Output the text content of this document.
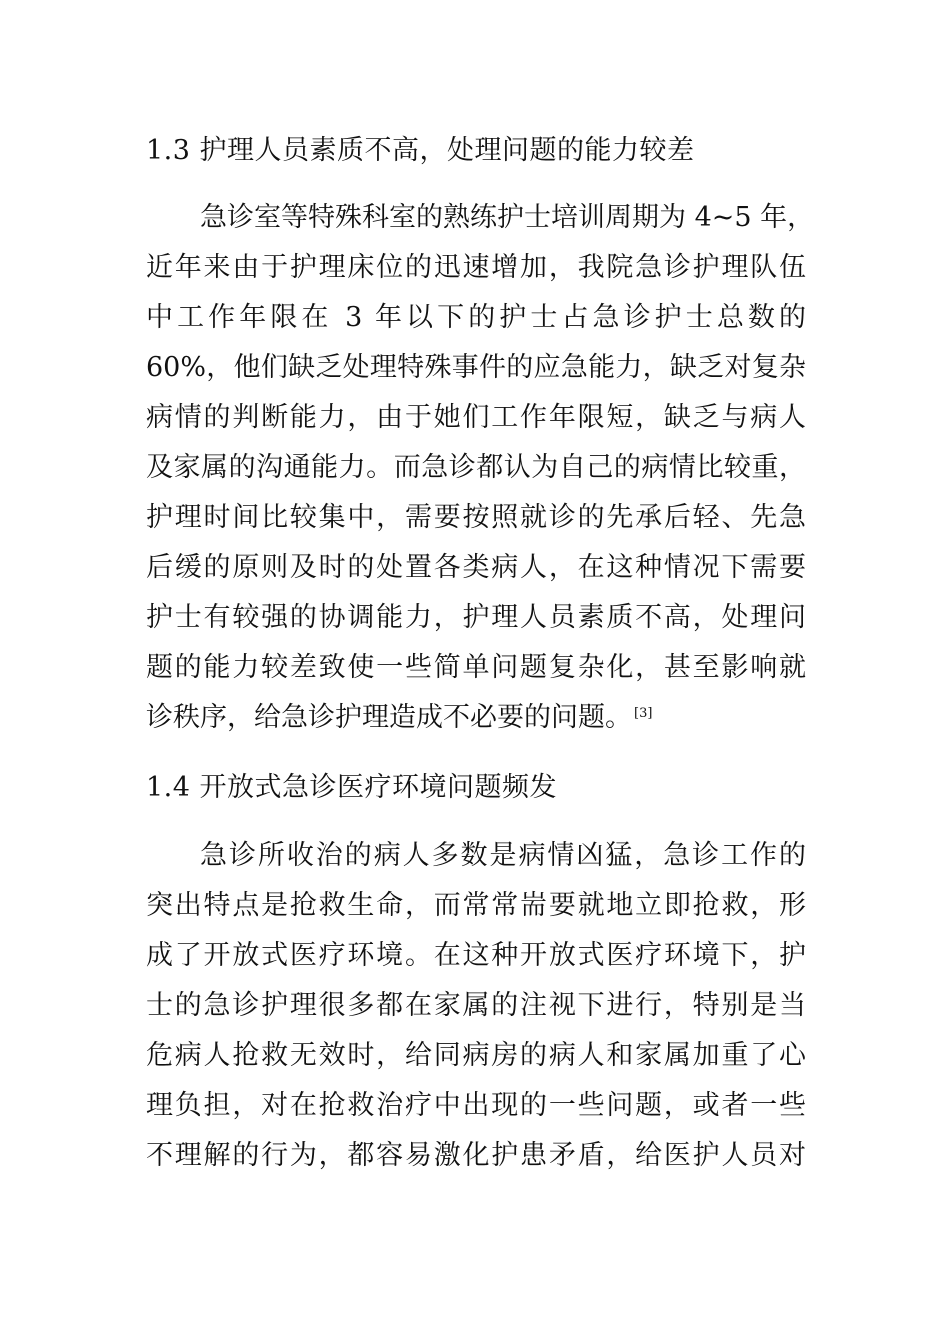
1.3 护理人员素质不高，处理问题的能力较差
急诊室等特殊科室的熟练护士培训周期为 4~5 年，
近年来由于护理床位的迅速增加，我院急诊护理队伍
中工作年限在 3 年以下的护士占急诊护士总数的
60%，他们缺乏处理特殊事件的应急能力，缺乏对复杂
病情的判断能力，由于她们工作年限短，缺乏与病人
及家属的沟通能力。而急诊都认为自己的病情比较重，
护理时间比较集中，需要按照就诊的先承后轻、先急
后缓的原则及时的处置各类病人，在这种情况下需要
护士有较强的协调能力，护理人员素质不高，处理问
题的能力较差致使一些简单问题复杂化，甚至影响就
诊秩序，给急诊护理造成不必要的问题。 [3]
1.4 开放式急诊医疗环境问题频发
急诊所收治的病人多数是病情凶猛，急诊工作的
突出特点是抢救生命，而常常耑要就地立即抢救，形
成了开放式医疗环境。在这种开放式医疗环境下，护
士的急诊护理很多都在家属的注视下进行，特别是当
危病人抢救无效时，给同病房的病人和家属加重了心
理负担，对在抢救治疗中出现的一些问题，或者一些
不理解的行为，都容易激化护患矛盾，给医护人员对
